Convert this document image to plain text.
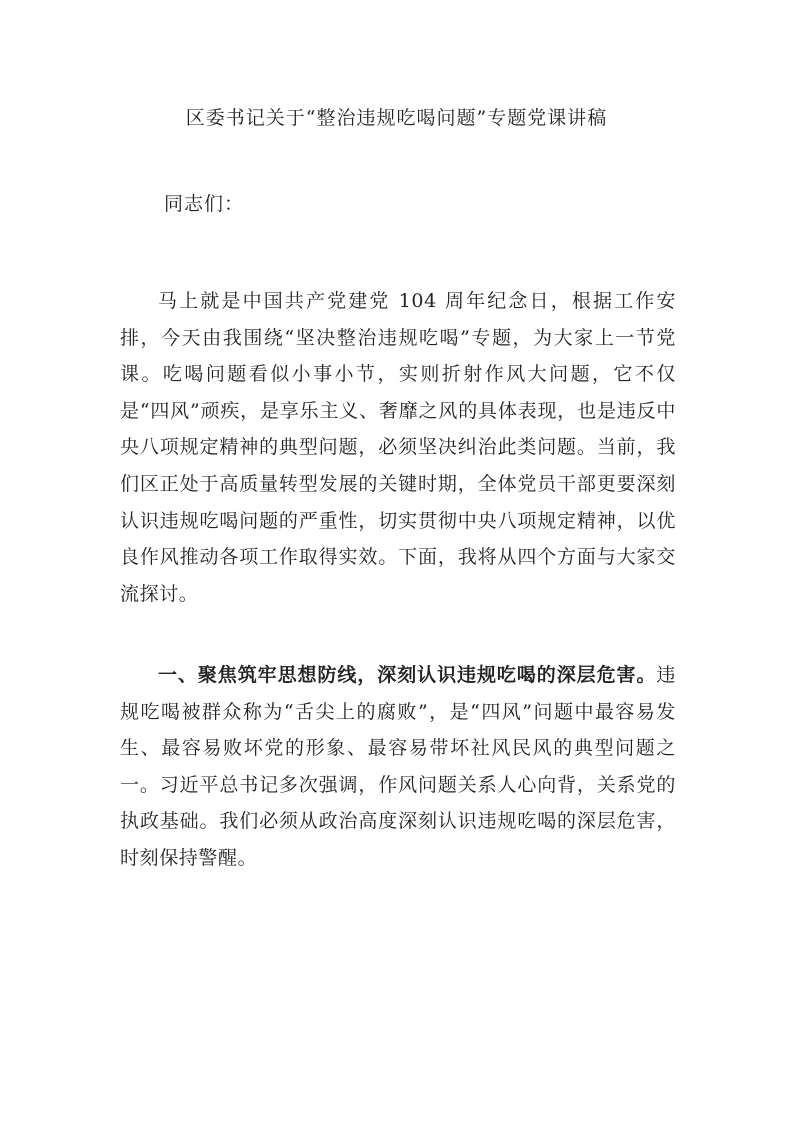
区委书记关于“整治违规吃喝问题”专题党课讲稿
同志们：

马上就是中国共产党建党 104 周年纪念日，根据工作安排，今天由我围绕“坚决整治违规吃喝”专题，为大家上一节党课。吃喝问题看似小事小节，实则折射作风大问题，它不仅是“四风”顽疾，是享乐主义、奢靡之风的具体表现，也是违反中央八项规定精神的典型问题，必须坚决纠治此类问题。当前，我们区正处于高质量转型发展的关键时期，全体党员干部更要深刻认识违规吃喝问题的严重性，切实贯彻中央八项规定精神，以优良作风推动各项工作取得实效。下面，我将从四个方面与大家交流探讨。

一、聚焦筑牢思想防线，深刻认识违规吃喝的深层危害。违规吃喝被群众称为“舌尖上的腐败”，是“四风”问题中最容易发生、最容易败坏党的形象、最容易带坏社风民风的典型问题之一。习近平总书记多次强调，作风问题关系人心向背，关系党的执政基础。我们必须从政治高度深刻认识违规吃喝的深层危害，时刻保持警醒。
